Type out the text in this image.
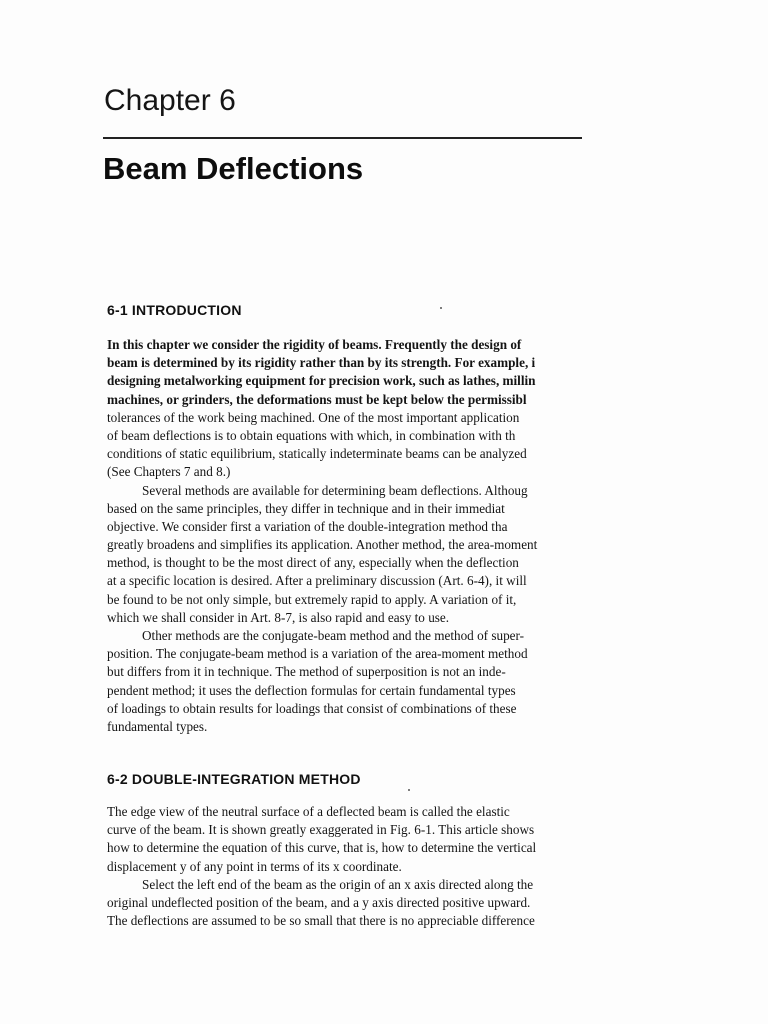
Chapter 6
Beam Deflections
6-1 INTRODUCTION
In this chapter we consider the rigidity of beams. Frequently the design of
beam is determined by its rigidity rather than by its strength. For example, i
designing metalworking equipment for precision work, such as lathes, millin
machines, or grinders, the deformations must be kept below the permissibl
tolerances of the work being machined. One of the most important application
of beam deflections is to obtain equations with which, in combination with th
conditions of static equilibrium, statically indeterminate beams can be analyzed
(See Chapters 7 and 8.)
Several methods are available for determining beam deflections. Althoug
based on the same principles, they differ in technique and in their immediat
objective. We consider first a variation of the double-integration method tha
greatly broadens and simplifies its application. Another method, the area-moment
method, is thought to be the most direct of any, especially when the deflection
at a specific location is desired. After a preliminary discussion (Art. 6-4), it will
be found to be not only simple, but extremely rapid to apply. A variation of it,
which we shall consider in Art. 8-7, is also rapid and easy to use.
Other methods are the conjugate-beam method and the method of super-
position. The conjugate-beam method is a variation of the area-moment method
but differs from it in technique. The method of superposition is not an inde-
pendent method; it uses the deflection formulas for certain fundamental types
of loadings to obtain results for loadings that consist of combinations of these
fundamental types.
6-2 DOUBLE-INTEGRATION METHOD
The edge view of the neutral surface of a deflected beam is called the elastic
curve of the beam. It is shown greatly exaggerated in Fig. 6-1. This article shows
how to determine the equation of this curve, that is, how to determine the vertical
displacement y of any point in terms of its x coordinate.
Select the left end of the beam as the origin of an x axis directed along the
original undeflected position of the beam, and a y axis directed positive upward.
The deflections are assumed to be so small that there is no appreciable difference
